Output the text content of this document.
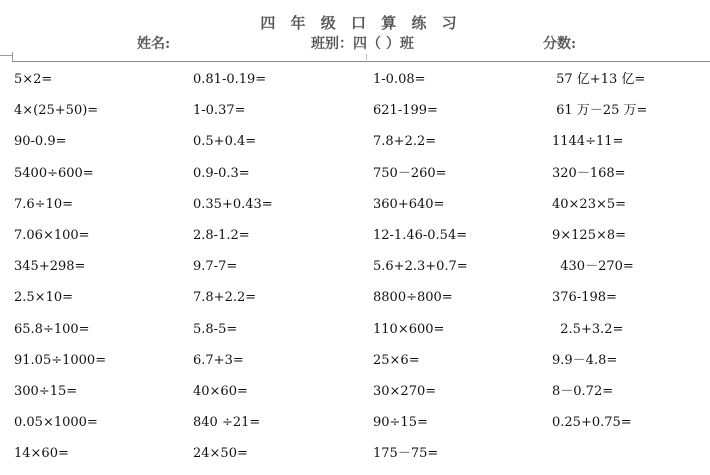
四 年 级 口 算 练 习
姓名:	班别：四（ ）班	分数:
5×2=
4×(25+50)=
90-0.9=
5400÷600=
7.6÷10=
7.06×100=
345+298=
2.5×10=
65.8÷100=
91.05÷1000=
300÷15=
0.05×1000=
14×60=
0.81-0.19=
1-0.37=
0.5+0.4=
0.9-0.3=
0.35+0.43=
2.8-1.2=
9.7-7=
7.8+2.2=
5.8-5=
6.7+3=
40×60=
840 ÷21=
24×50=
1-0.08=
621-199=
7.8+2.2=
750－260=
360+640=
12-1.46-0.54=
5.6+2.3+0.7=
8800÷800=
110×600=
25×6=
30×270=
90÷15=
175－75=
57 亿+13 亿=
61 万－25 万=
1144÷11=
320－168=
40×23×5=
9×125×8=
430－270=
376-198=
2.5+3.2=
9.9－4.8=
8－0.72=
0.25+0.75=
